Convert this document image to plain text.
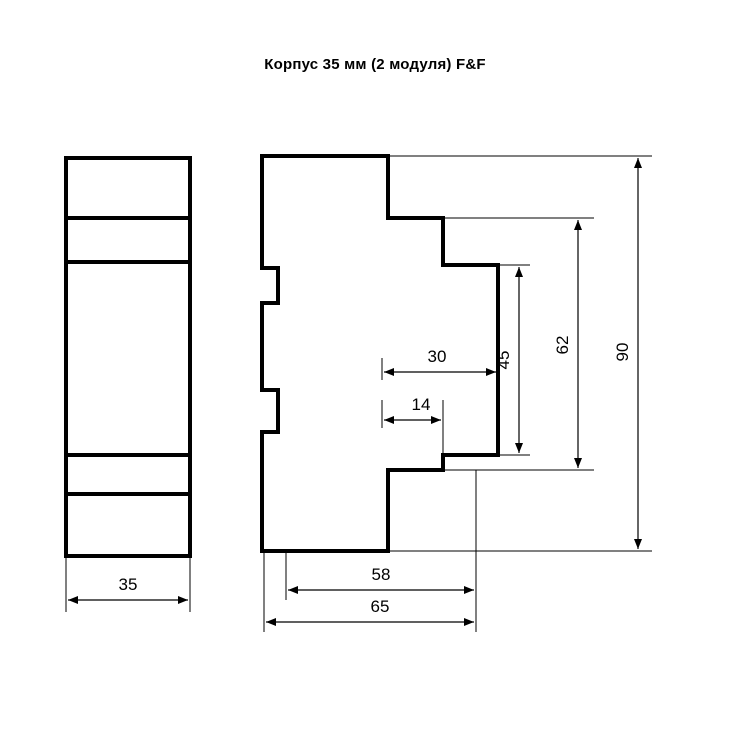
Корпус 35 мм (2 модуля) F&F
35
30
14
58
65
45
62 90
